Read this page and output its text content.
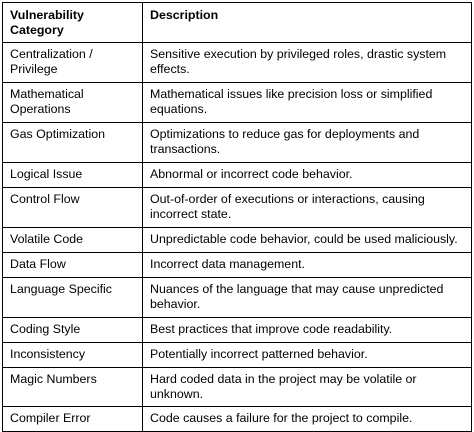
Vulnerability Category	Description
Centralization / Privilege	Sensitive execution by privileged roles, drastic system effects.
Mathematical Operations	Mathematical issues like precision loss or simplified equations.
Gas Optimization	Optimizations to reduce gas for deployments and transactions.
Logical Issue	Abnormal or incorrect code behavior.
Control Flow	Out-of-order of executions or interactions, causing incorrect state.
Volatile Code	Unpredictable code behavior, could be used maliciously.
Data Flow	Incorrect data management.
Language Specific	Nuances of the language that may cause unpredicted behavior.
Coding Style	Best practices that improve code readability.
Inconsistency	Potentially incorrect patterned behavior.
Magic Numbers	Hard coded data in the project may be volatile or unknown.
Compiler Error	Code causes a failure for the project to compile.
